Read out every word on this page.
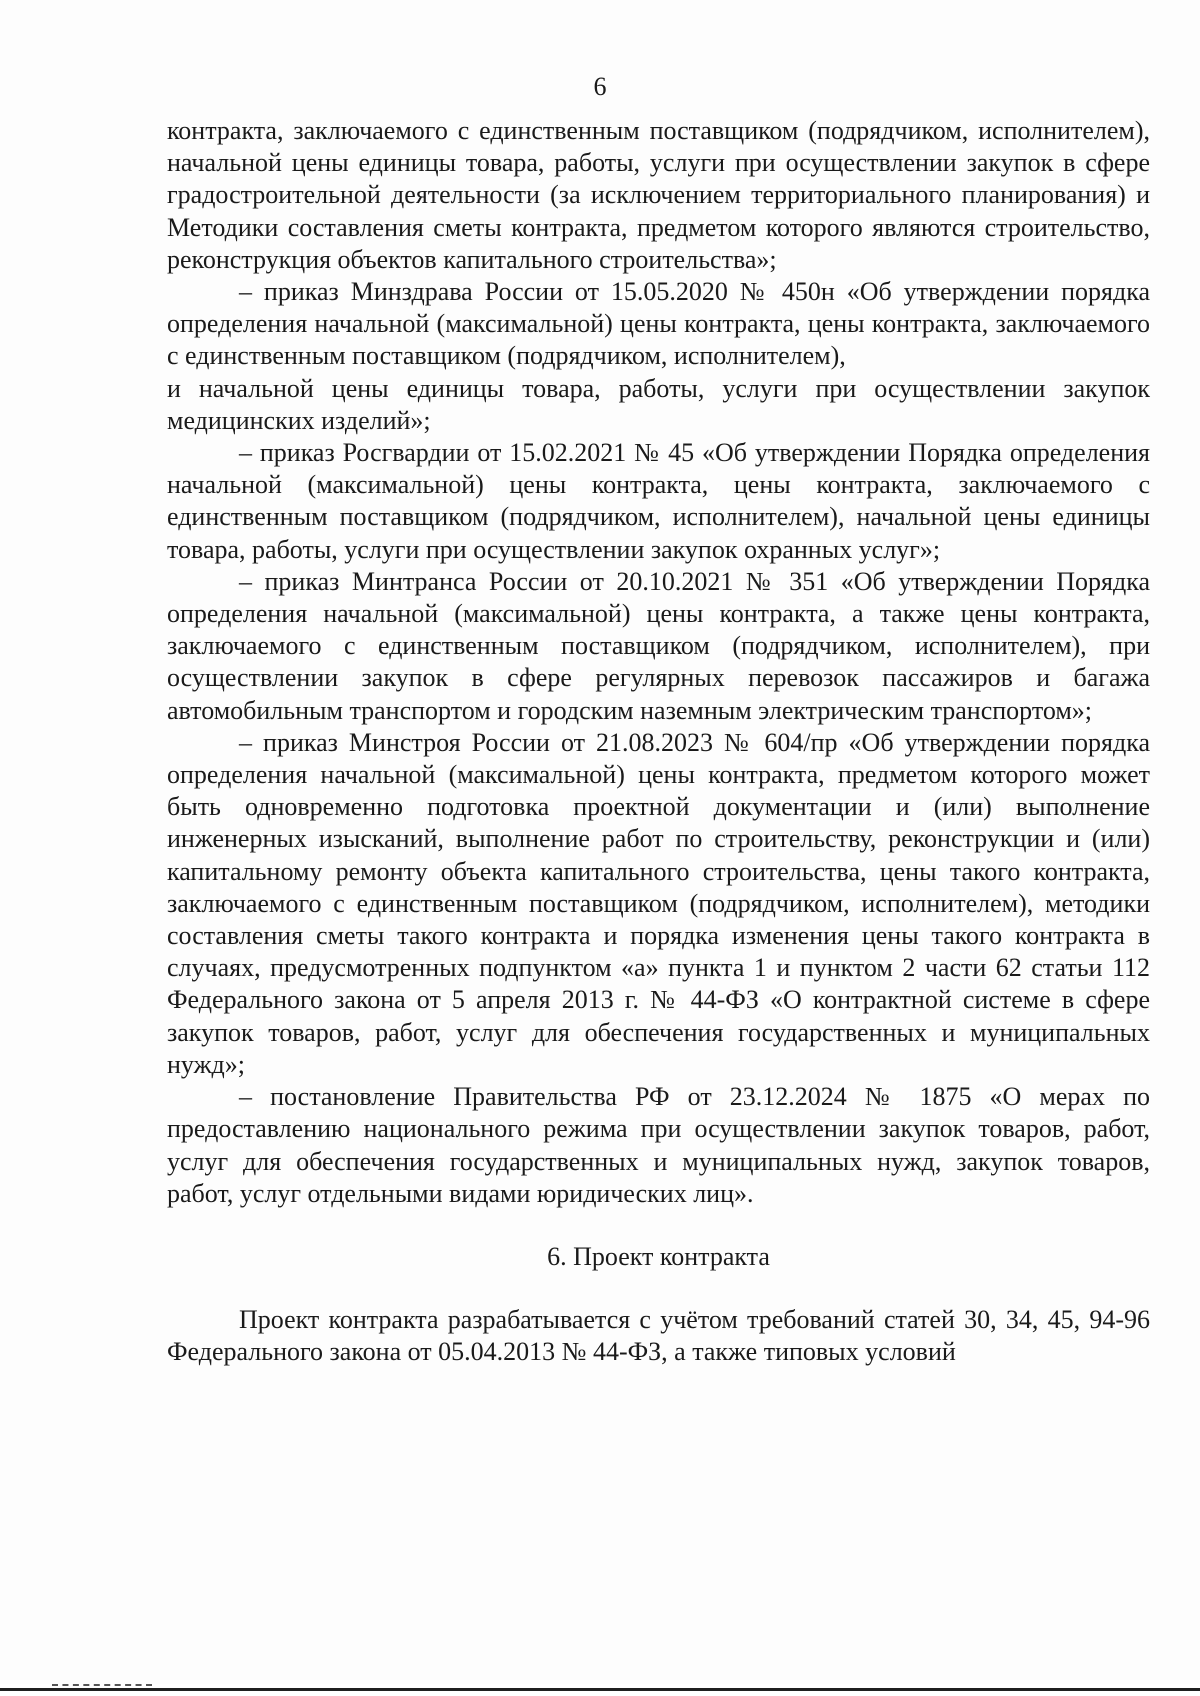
6

контракта, заключаемого с единственным поставщиком (подрядчиком, исполнителем), начальной цены единицы товара, работы, услуги при осуществлении закупок в сфере градостроительной деятельности (за исключением территориального планирования) и Методики составления сметы контракта, предметом которого являются строительство, реконструкция объектов капитального строительства»;

– приказ Минздрава России от 15.05.2020 № 450н «Об утверждении порядка определения начальной (максимальной) цены контракта, цены контракта, заключаемого с единственным поставщиком (подрядчиком, исполнителем),

и начальной цены единицы товара, работы, услуги при осуществлении закупок медицинских изделий»;

– приказ Росгвардии от 15.02.2021 № 45 «Об утверждении Порядка определения начальной (максимальной) цены контракта, цены контракта, заключаемого с единственным поставщиком (подрядчиком, исполнителем), начальной цены единицы товара, работы, услуги при осуществлении закупок охранных услуг»;

– приказ Минтранса России от 20.10.2021 № 351 «Об утверждении Порядка определения начальной (максимальной) цены контракта, а также цены контракта, заключаемого с единственным поставщиком (подрядчиком, исполнителем), при осуществлении закупок в сфере регулярных перевозок пассажиров и багажа автомобильным транспортом и городским наземным электрическим транспортом»;

– приказ Минстроя России от 21.08.2023 № 604/пр «Об утверждении порядка определения начальной (максимальной) цены контракта, предметом которого может быть одновременно подготовка проектной документации и (или) выполнение инженерных изысканий, выполнение работ по строительству, реконструкции и (или) капитальному ремонту объекта капитального строительства, цены такого контракта, заключаемого с единственным поставщиком (подрядчиком, исполнителем), методики составления сметы такого контракта и порядка изменения цены такого контракта в случаях, предусмотренных подпунктом «а» пункта 1 и пунктом 2 части 62 статьи 112 Федерального закона от 5 апреля 2013 г. № 44-ФЗ «О контрактной системе в сфере закупок товаров, работ, услуг для обеспечения государственных и муниципальных нужд»;

– постановление Правительства РФ от 23.12.2024 № 1875 «О мерах по предоставлению национального режима при осуществлении закупок товаров, работ, услуг для обеспечения государственных и муниципальных нужд, закупок товаров, работ, услуг отдельными видами юридических лиц».

6. Проект контракта

Проект контракта разрабатывается с учётом требований статей 30, 34, 45, 94-96 Федерального закона от 05.04.2013 № 44-ФЗ, а также типовых условий
